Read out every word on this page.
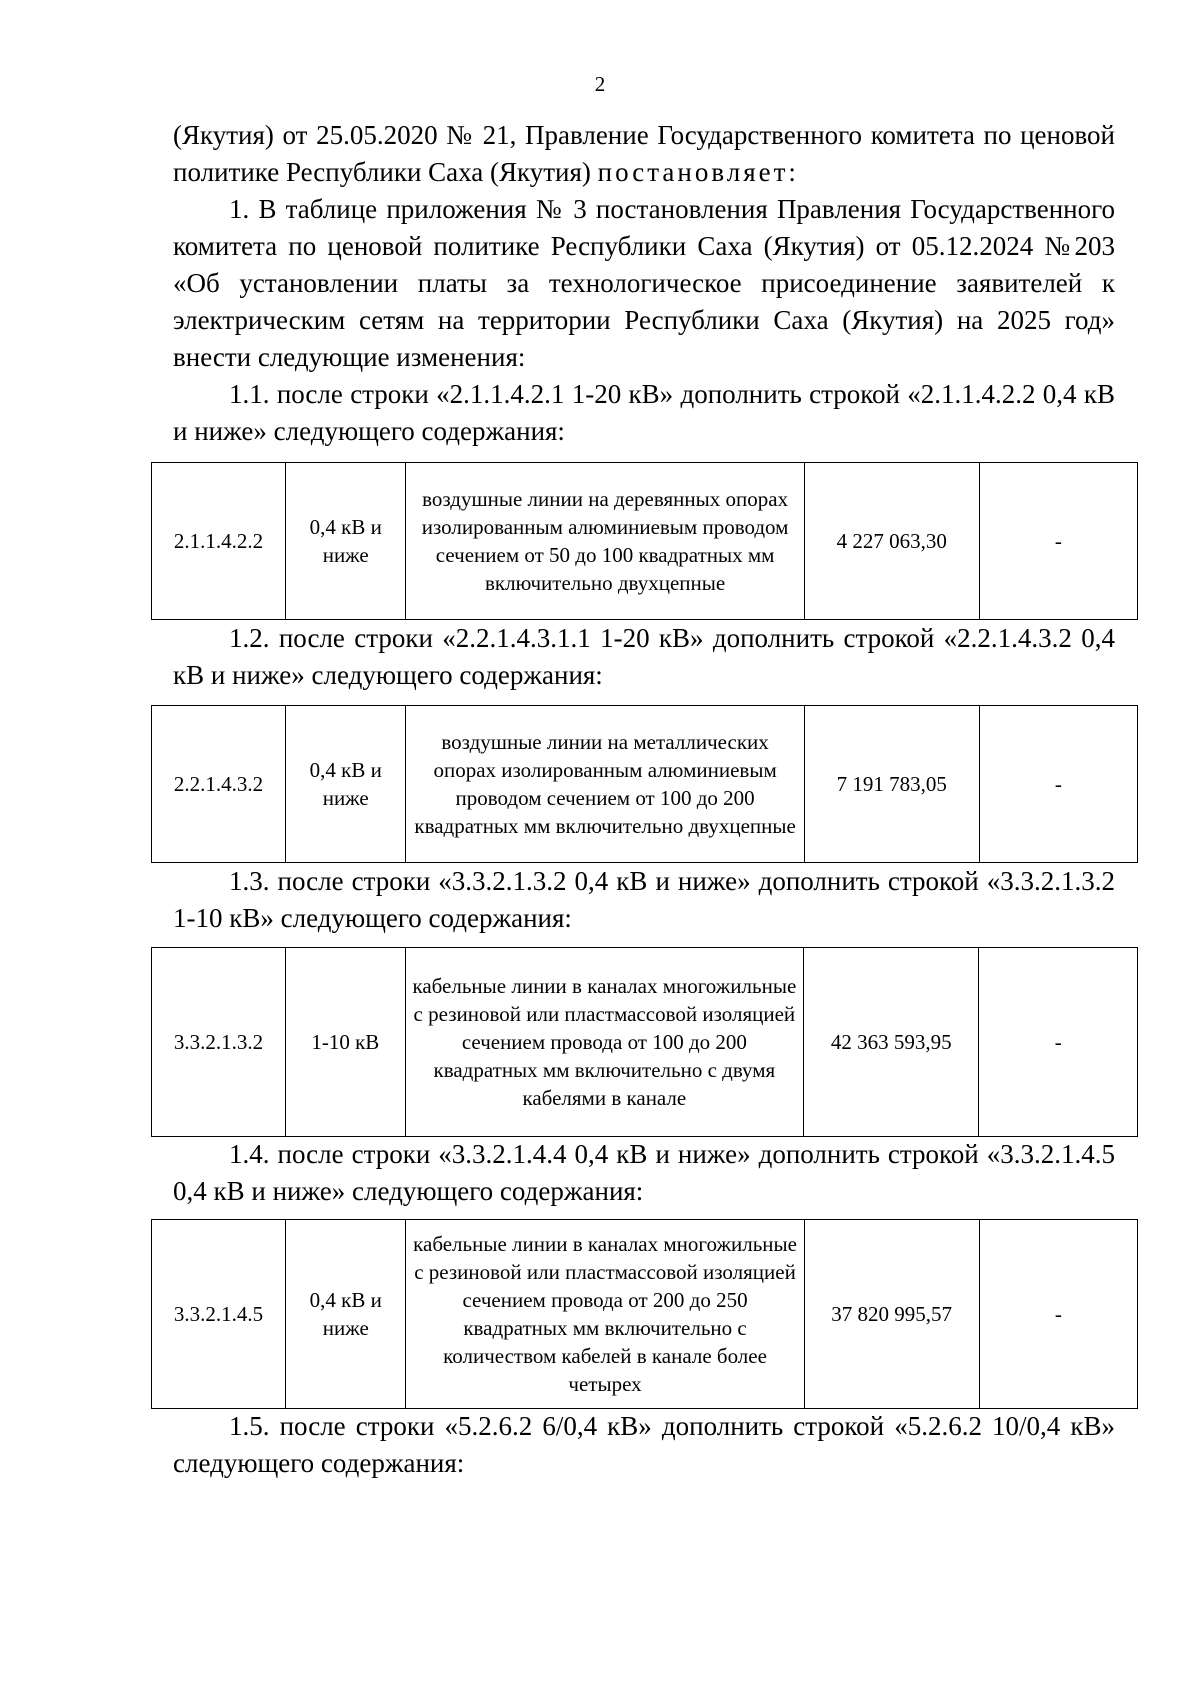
2

(Якутия) от 25.05.2020 № 21, Правление Государственного комитета по ценовой политике Республики Саха (Якутия) постановляет:

1. В таблице приложения № 3 постановления Правления Государственного комитета по ценовой политике Республики Саха (Якутия) от 05.12.2024 №203 «Об установлении платы за технологическое присоединение заявителей к электрическим сетям на территории Республики Саха (Якутия) на 2025 год» внести следующие изменения:

1.1. после строки «2.1.1.4.2.1 1-20 кВ» дополнить строкой «2.1.1.4.2.2 0,4 кВ и ниже» следующего содержания:

2.1.1.4.2.2	0,4 кВ и ниже	воздушные линии на деревянных опорах изолированным алюминиевым проводом сечением от 50 до 100 квадратных мм включительно двухцепные	4 227 063,30	-

1.2. после строки «2.2.1.4.3.1.1 1-20 кВ» дополнить строкой «2.2.1.4.3.2 0,4 кВ и ниже» следующего содержания:

2.2.1.4.3.2	0,4 кВ и ниже	воздушные линии на металлических опорах изолированным алюминиевым проводом сечением от 100 до 200 квадратных мм включительно двухцепные	7 191 783,05	-

1.3. после строки «3.3.2.1.3.2 0,4 кВ и ниже» дополнить строкой «3.3.2.1.3.2 1-10 кВ» следующего содержания:

3.3.2.1.3.2	1-10 кВ	кабельные линии в каналах многожильные с резиновой или пластмассовой изоляцией сечением провода от 100 до 200 квадратных мм включительно с двумя кабелями в канале	42 363 593,95	-

1.4. после строки «3.3.2.1.4.4 0,4 кВ и ниже» дополнить строкой «3.3.2.1.4.5 0,4 кВ и ниже» следующего содержания:

3.3.2.1.4.5	0,4 кВ и ниже	кабельные линии в каналах многожильные с резиновой или пластмассовой изоляцией сечением провода от 200 до 250 квадратных мм включительно с количеством кабелей в канале более четырех	37 820 995,57	-

1.5. после строки «5.2.6.2 6/0,4 кВ» дополнить строкой «5.2.6.2 10/0,4 кВ» следующего содержания:
